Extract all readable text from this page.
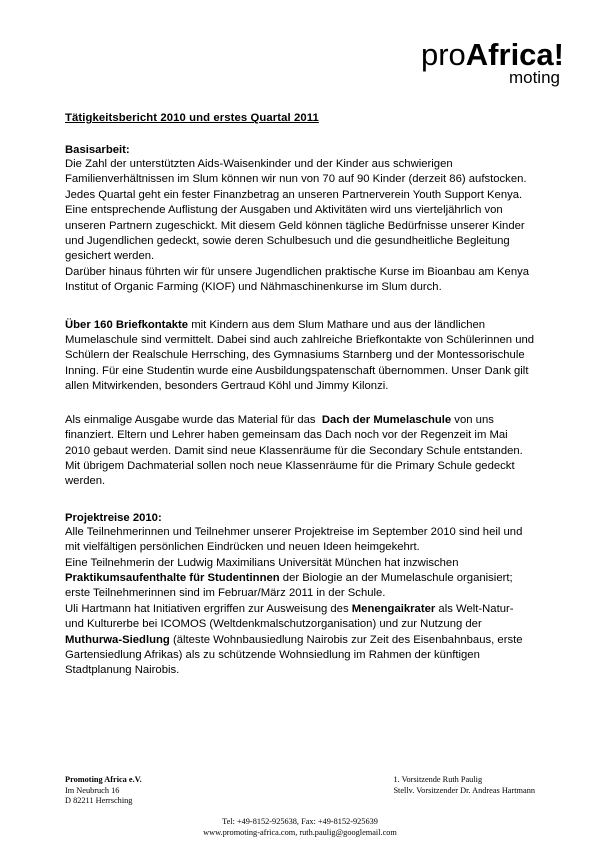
proAfrica!
moting
Tätigkeitsbericht 2010 und erstes Quartal 2011
Basisarbeit:

Die Zahl der unterstützten Aids-Waisenkinder und der Kinder aus schwierigen Familienverhältnissen im Slum können wir nun von 70 auf 90 Kinder (derzeit 86) aufstocken. Jedes Quartal geht ein fester Finanzbetrag an unseren Partnerverein Youth Support Kenya. Eine entsprechende Auflistung der Ausgaben und Aktivitäten wird uns vierteljährlich von unseren Partnern zugeschickt. Mit diesem Geld können tägliche Bedürfnisse unserer Kinder und Jugendlichen gedeckt, sowie deren Schulbesuch und die gesundheitliche Begleitung gesichert werden.

Darüber hinaus führten wir für unsere Jugendlichen praktische Kurse im Bioanbau am Kenya Institut of Organic Farming (KIOF) und Nähmaschinenkurse im Slum durch.

Über 160 Briefkontakte mit Kindern aus dem Slum Mathare und aus der ländlichen Mumelaschule sind vermittelt. Dabei sind auch zahlreiche Briefkontakte von Schülerinnen und Schülern der Realschule Herrsching, des Gymnasiums Starnberg und der Montessorischule Inning. Für eine Studentin wurde eine Ausbildungspatenschaft übernommen. Unser Dank gilt allen Mitwirkenden, besonders Gertraud Köhl und Jimmy Kilonzi.

Als einmalige Ausgabe wurde das Material für das  Dach der Mumelaschule von uns finanziert. Eltern und Lehrer haben gemeinsam das Dach noch vor der Regenzeit im Mai 2010 gebaut werden. Damit sind neue Klassenräume für die Secondary Schule entstanden. Mit übrigem Dachmaterial sollen noch neue Klassenräume für die Primary Schule gedeckt werden.

Projektreise 2010:

Alle Teilnehmerinnen und Teilnehmer unserer Projektreise im September 2010 sind heil und mit vielfältigen persönlichen Eindrücken und neuen Ideen heimgekehrt.

Eine Teilnehmerin der Ludwig Maximilians Universität München hat inzwischen Praktikumsaufenthalte für Studentinnen der Biologie an der Mumelaschule organisiert; erste Teilnehmerinnen sind im Februar/März 2011 in der Schule.

Uli Hartmann hat Initiativen ergriffen zur Ausweisung des Menengaikrater als Welt-Natur- und Kulturerbe bei ICOMOS (Weltdenkmalschutzorganisation) und zur Nutzung der Muthurwa-Siedlung (älteste Wohnbausiedlung Nairobis zur Zeit des Eisenbahnbaus, erste Gartensiedlung Afrikas) als zu schützende Wohnsiedlung im Rahmen der künftigen Stadtplanung Nairobis.

Promoting Africa e.V.
Im Neubruch 16
D 82211 Herrsching
1. Vorsitzende Ruth Paulig
Stellv. Vorsitzender Dr. Andreas Hartmann
Tel: +49-8152-925638, Fax: +49-8152-925639
www.promoting-africa.com, ruth.paulig@googlemail.com
